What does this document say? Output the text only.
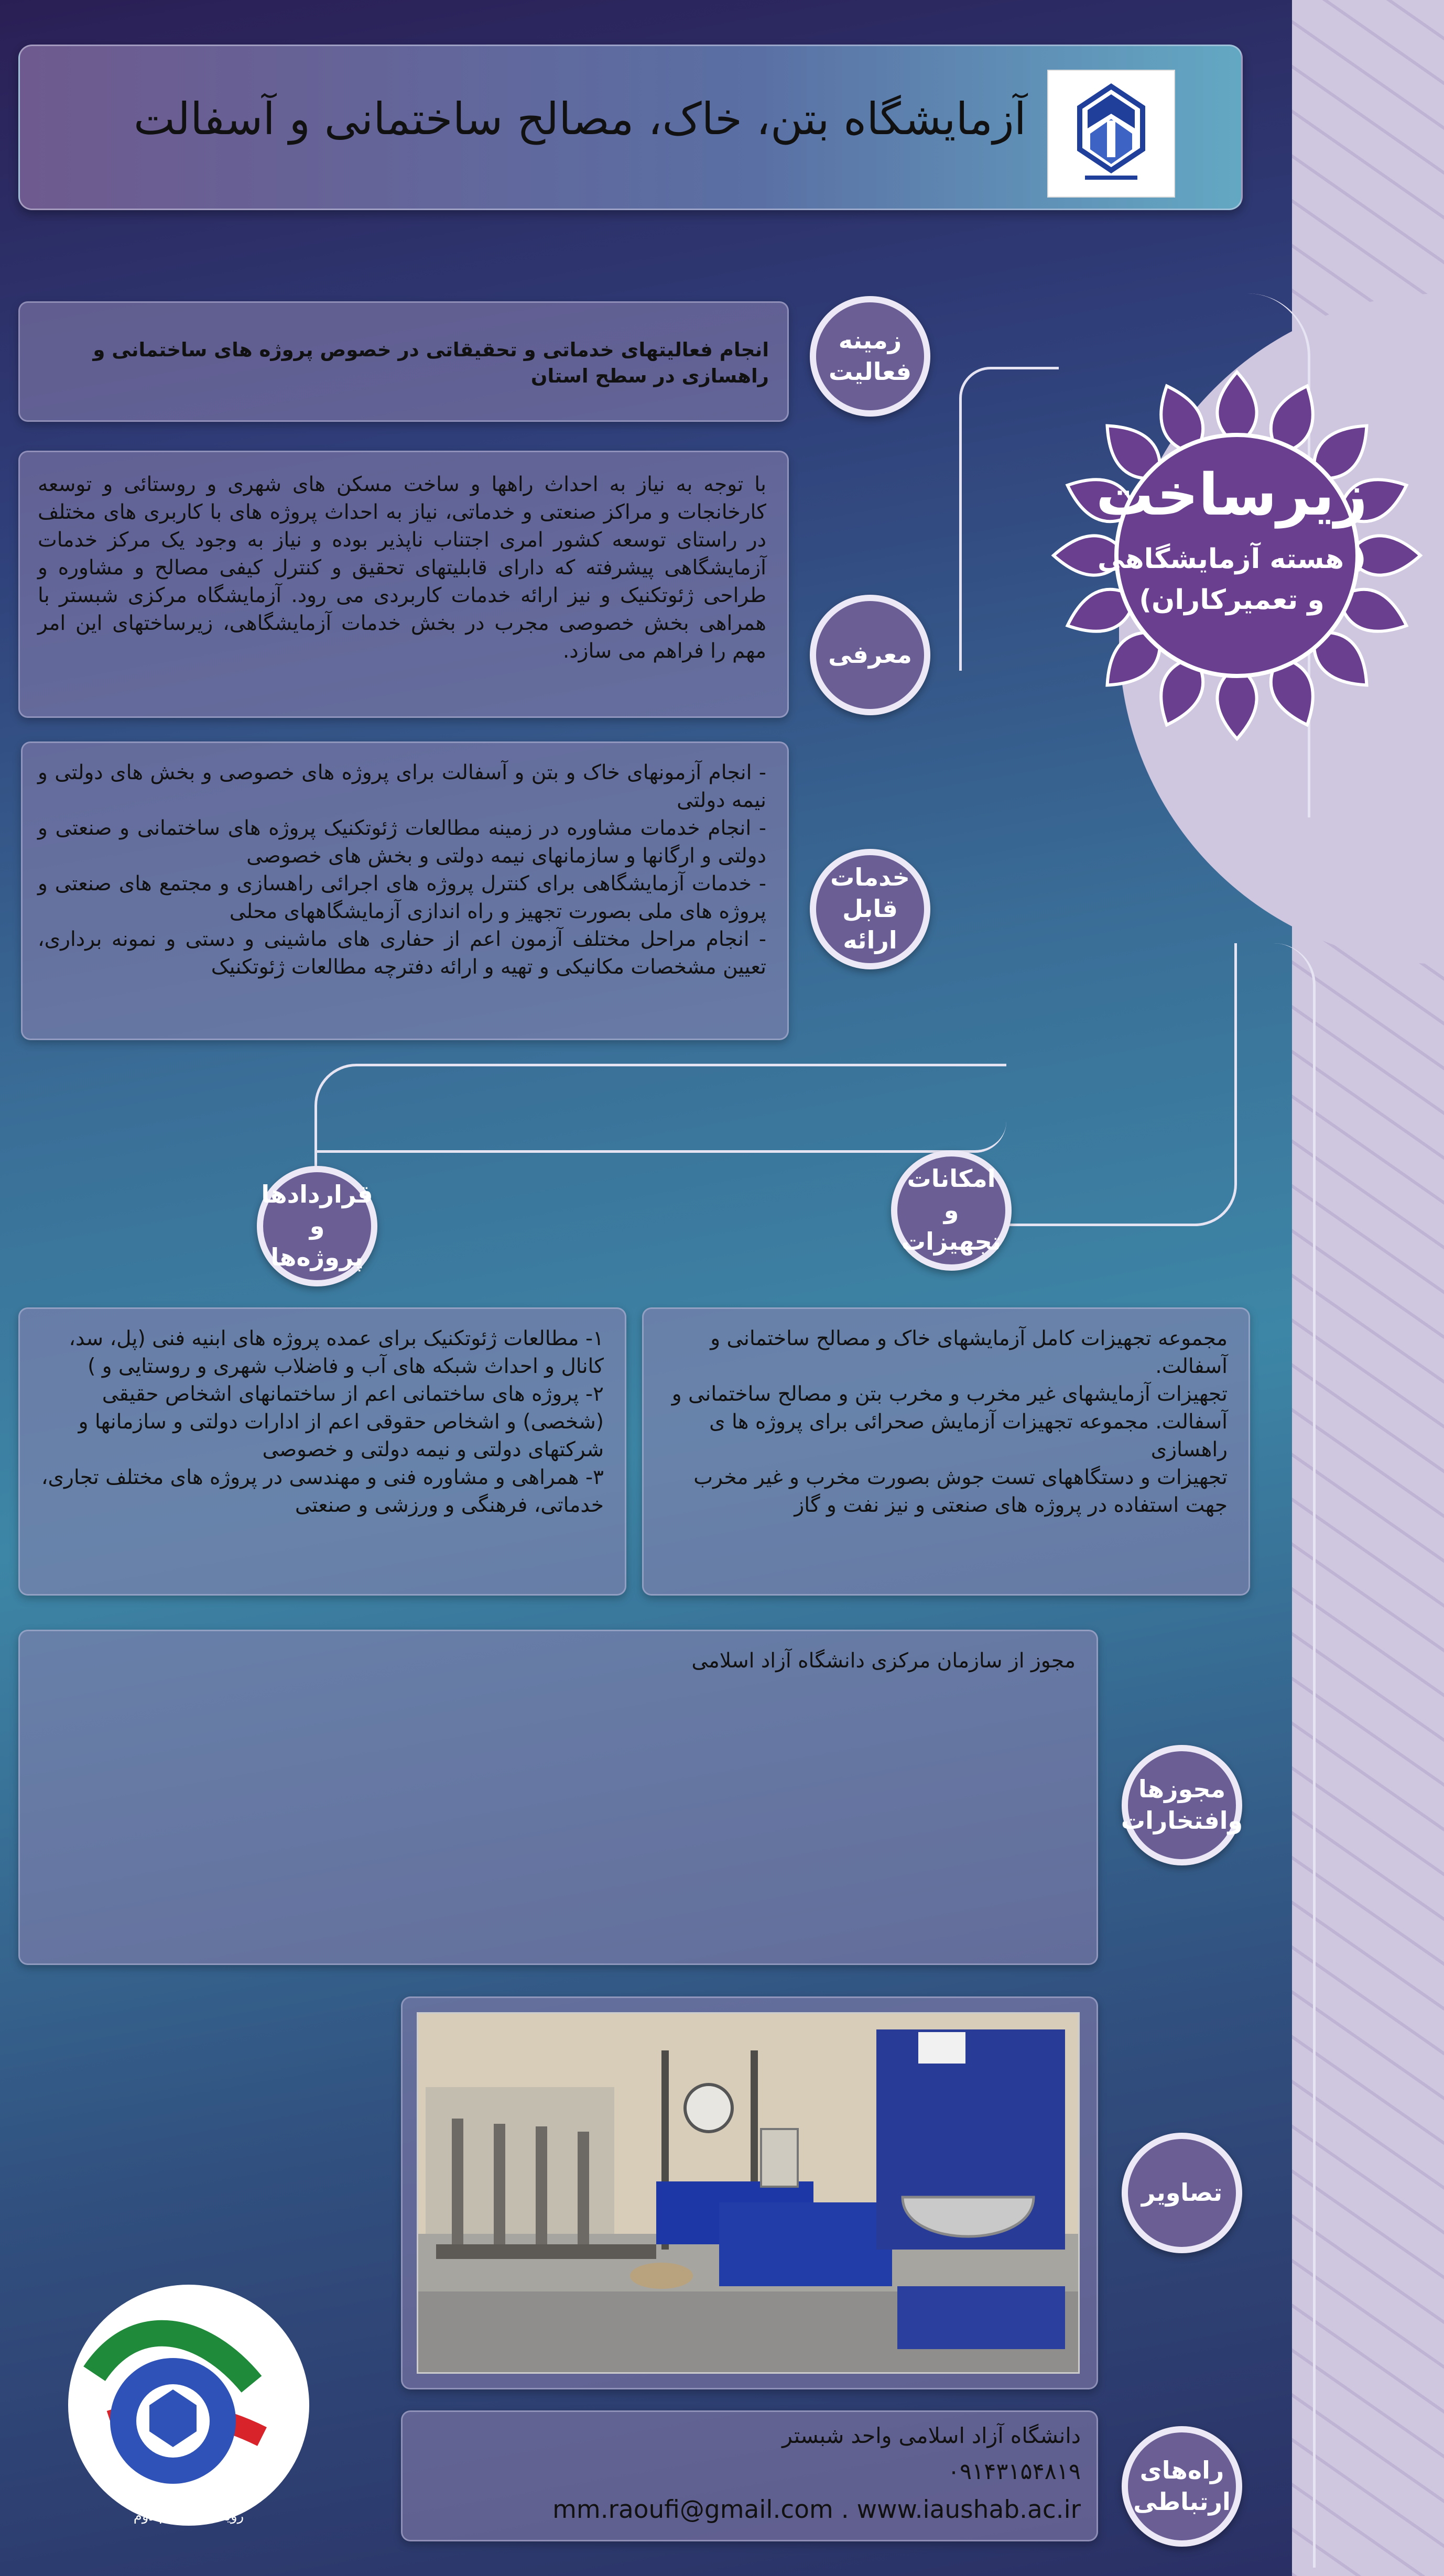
آزمایشگاه بتن، خاک، مصالح ساختمانی و آسفالت
زیرساخت
( هسته آزمایشگاهی و تعمیرکاران)
انجام فعالیتهای خدماتی و تحقیقاتی در خصوص پروژه های ساختمانی و راهسازی در سطح استان
زمینه
فعالیت
با توجه به نیاز به احداث راهها و ساخت مسکن های شهری و روستائی و توسعه کارخانجات و مراکز صنعتی و خدماتی، نیاز به احداث پروژه های با کاربری های مختلف در راستای توسعه کشور امری اجتناب ناپذیر بوده و نیاز به وجود یک مرکز خدمات آزمایشگاهی پیشرفته که دارای قابلیتهای تحقیق و کنترل کیفی مصالح و مشاوره و طراحی ژئوتکنیک و نیز ارائه خدمات کاربردی می رود. آزمایشگاه مرکزی شبستر با همراهی بخش خصوصی مجرب در بخش خدمات آزمایشگاهی، زیرساختهای این امر مهم را فراهم می سازد.	معرفی
- انجام آزمونهای خاک و بتن و آسفالت برای پروژه های خصوصی و بخش های دولتی و نیمه دولتی
- انجام خدمات مشاوره در زمینه مطالعات ژئوتکنیک پروژه های ساختمانی و صنعتی و دولتی و ارگانها و سازمانهای نیمه دولتی و بخش های خصوصی
- خدمات آزمایشگاهی برای کنترل پروژه های اجرائی راهسازی و مجتمع های صنعتی و پروژه های ملی بصورت تجهیز و راه اندازی آزمایشگاههای محلی
- انجام مراحل مختلف آزمون اعم از حفاری های ماشینی و دستی و نمونه برداری، تعیین مشخصات مکانیکی و تهیه و ارائه دفترچه مطالعات ژئوتکنیک
خدمات
قابل ارائه
امکانات و
تجهیزات
مجموعه تجهیزات کامل آزمایشهای خاک و مصالح ساختمانی و آسفالت.
تجهیزات آزمایشهای غیر مخرب و مخرب بتن و مصالح ساختمانی و آسفالت. مجموعه تجهیزات آزمایش صحرائی برای پروژه ها ی راهسازی
تجهیزات و دستگاههای تست جوش بصورت مخرب و غیر مخرب جهت استفاده در پروژه های صنعتی و نیز نفت و گاز
قراردادها و
پروژه‌ها
۱- مطالعات ژئوتکنیک برای عمده پروژه های ابنیه فنی (پل، سد، کانال و احداث شبکه های آب و فاضلاب شهری و روستایی و )
۲- پروژه های ساختمانی اعم از ساختمانهای اشخاص حقیقی (شخصی) و اشخاص حقوقی اعم از ادارات دولتی و سازمانها و شرکتهای دولتی و نیمه دولتی و خصوصی
۳- همراهی و مشاوره فنی و مهندسی در پروژه های مختلف تجاری، خدماتی، فرهنگی و ورزشی و صنعتی
مجوز از سازمان مرکزی دانشگاه آزاد اسلامی
مجوزها
وافتخارات
تصاویر
دانشگاه آزاد اسلامی واحد شبستر
۰۹۱۴۳۱۵۴۸۱۹
mm.raoufi@gmail.com . www.iaushab.ac.ir
راه‌های
ارتباطی
رویداد ملی گام دوم
